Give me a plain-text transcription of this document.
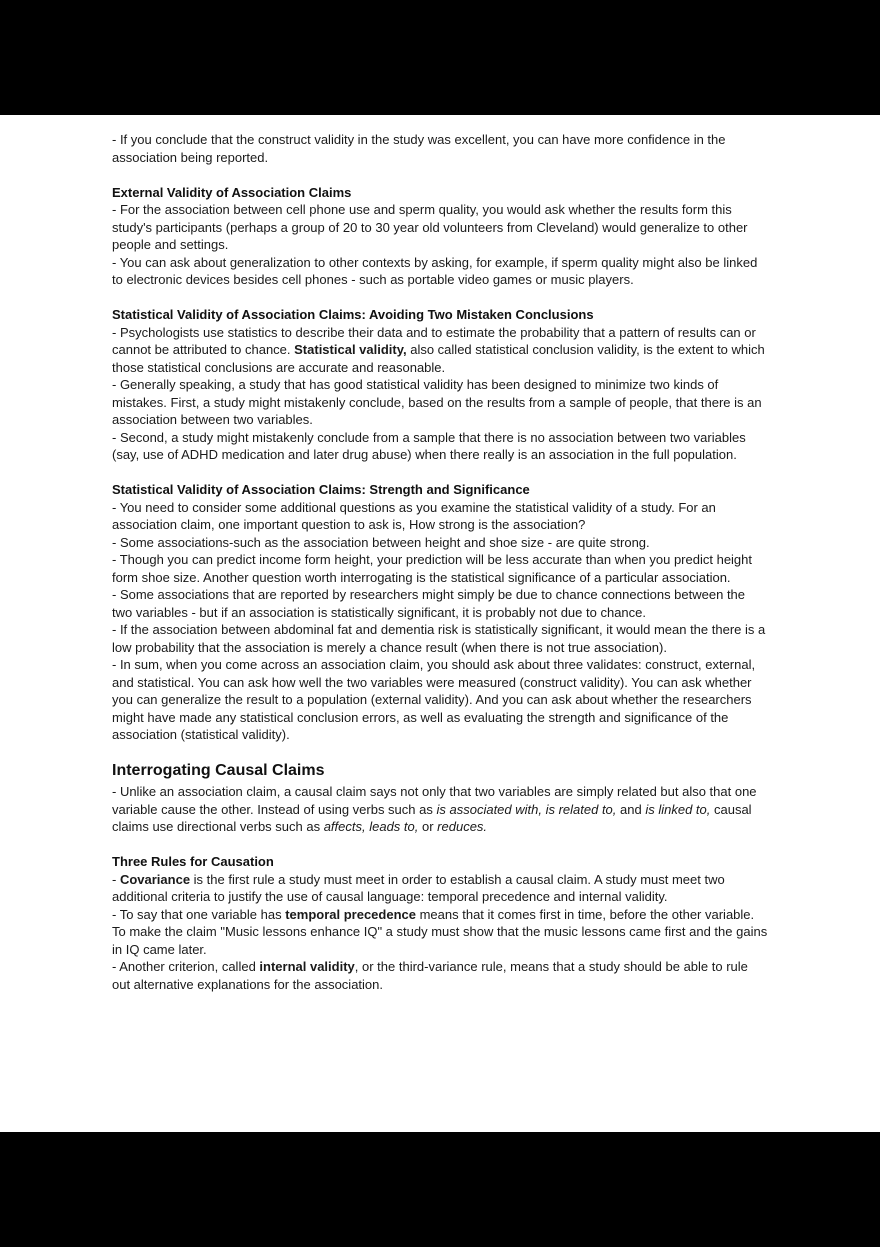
- If you conclude that the construct validity in the study was excellent, you can have more confidence in the association being reported.

External Validity of Association Claims

- For the association between cell phone use and sperm quality, you would ask whether the results form this study's participants (perhaps a group of 20 to 30 year old volunteers from Cleveland) would generalize to other people and settings.

- You can ask about generalization to other contexts by asking, for example, if sperm quality might also be linked to electronic devices besides cell phones - such as portable video games or music players.

Statistical Validity of Association Claims: Avoiding Two Mistaken Conclusions

- Psychologists use statistics to describe their data and to estimate the probability that a pattern of results can or cannot be attributed to chance. Statistical validity, also called statistical conclusion validity, is the extent to which those statistical conclusions are accurate and reasonable.

- Generally speaking, a study that has good statistical validity has been designed to minimize two kinds of mistakes. First, a study might mistakenly conclude, based on the results from a sample of people, that there is an association between two variables.

- Second, a study might mistakenly conclude from a sample that there is no association between two variables (say, use of ADHD medication and later drug abuse) when there really is an association in the full population.

Statistical Validity of Association Claims: Strength and Significance

- You need to consider some additional questions as you examine the statistical validity of a study. For an association claim, one important question to ask is, How strong is the association?

- Some associations-such as the association between height and shoe size - are quite strong.

- Though you can predict income form height, your prediction will be less accurate than when you predict height form shoe size. Another question worth interrogating is the statistical significance of a particular association.

- Some associations that are reported by researchers might simply be due to chance connections between the two variables - but if an association is statistically significant, it is probably not due to chance.

- If the association between abdominal fat and dementia risk is statistically significant, it would mean the there is a low probability that the association is merely a chance result (when there is not true association).

- In sum, when you come across an association claim, you should ask about three validates: construct, external, and statistical. You can ask how well the two variables were measured (construct validity). You can ask whether you can generalize the result to a population (external validity). And you can ask about whether the researchers might have made any statistical conclusion errors, as well as evaluating the strength and significance of the association (statistical validity).

Interrogating Causal Claims

- Unlike an association claim, a causal claim says not only that two variables are simply related but also that one variable cause the other. Instead of using verbs such as is associated with, is related to, and is linked to, causal claims use directional verbs such as affects, leads to, or reduces.

Three Rules for Causation

- Covariance is the first rule a study must meet in order to establish a causal claim. A study must meet two additional criteria to justify the use of causal language: temporal precedence and internal validity.

- To say that one variable has temporal precedence means that it comes first in time, before the other variable. To make the claim "Music lessons enhance IQ" a study must show that the music lessons came first and the gains in IQ came later.

- Another criterion, called internal validity, or the third-variance rule, means that a study should be able to rule out alternative explanations for the association.
